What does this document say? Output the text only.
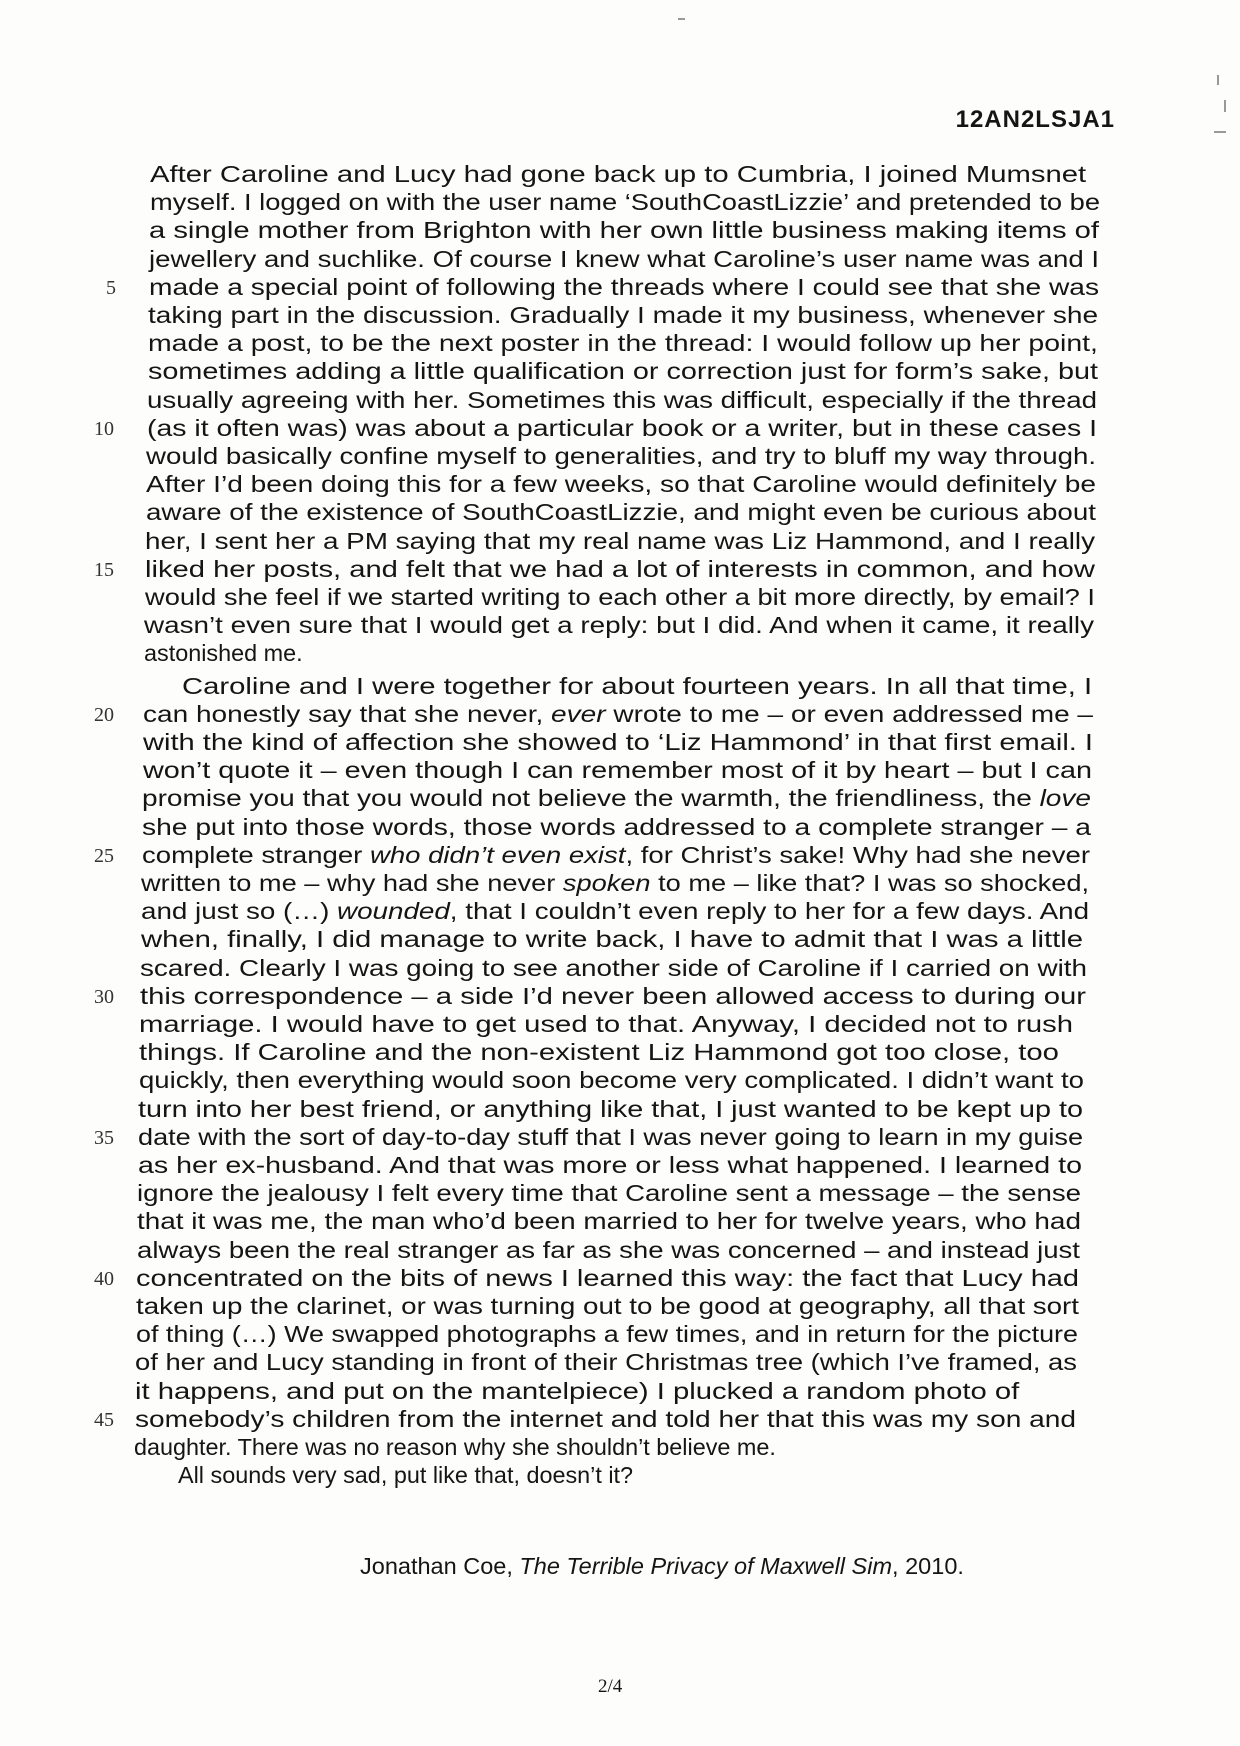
12AN2LSJA1
After Caroline and Lucy had gone back up to Cumbria, I joined Mumsnet
myself. I logged on with the user name ‘SouthCoastLizzie’ and pretended to be
a single mother from Brighton with her own little business making items of
jewellery and suchlike. Of course I knew what Caroline’s user name was and I
made a special point of following the threads where I could see that she was
taking part in the discussion. Gradually I made it my business, whenever she
made a post, to be the next poster in the thread: I would follow up her point,
sometimes adding a little qualification or correction just for form’s sake, but
usually agreeing with her. Sometimes this was difficult, especially if the thread
(as it often was) was about a particular book or a writer, but in these cases I
would basically confine myself to generalities, and try to bluff my way through.
After I’d been doing this for a few weeks, so that Caroline would definitely be
aware of the existence of SouthCoastLizzie, and might even be curious about
her, I sent her a PM saying that my real name was Liz Hammond, and I really
liked her posts, and felt that we had a lot of interests in common, and how
would she feel if we started writing to each other a bit more directly, by email? I
wasn’t even sure that I would get a reply: but I did. And when it came, it really
astonished me.
Caroline and I were together for about fourteen years. In all that time, I
can honestly say that she never, ever wrote to me – or even addressed me –
with the kind of affection she showed to ‘Liz Hammond’ in that first email. I
won’t quote it – even though I can remember most of it by heart – but I can
promise you that you would not believe the warmth, the friendliness, the love
she put into those words, those words addressed to a complete stranger – a
complete stranger who didn’t even exist, for Christ’s sake! Why had she never
written to me – why had she never spoken to me – like that? I was so shocked,
and just so (…) wounded, that I couldn’t even reply to her for a few days. And
when, finally, I did manage to write back, I have to admit that I was a little
scared. Clearly I was going to see another side of Caroline if I carried on with
this correspondence – a side I’d never been allowed access to during our
marriage. I would have to get used to that. Anyway, I decided not to rush
things. If Caroline and the non-existent Liz Hammond got too close, too
quickly, then everything would soon become very complicated. I didn’t want to
turn into her best friend, or anything like that, I just wanted to be kept up to
date with the sort of day-to-day stuff that I was never going to learn in my guise
as her ex-husband. And that was more or less what happened. I learned to
ignore the jealousy I felt every time that Caroline sent a message – the sense
that it was me, the man who’d been married to her for twelve years, who had
always been the real stranger as far as she was concerned – and instead just
concentrated on the bits of news I learned this way: the fact that Lucy had
taken up the clarinet, or was turning out to be good at geography, all that sort
of thing (…) We swapped photographs a few times, and in return for the picture
of her and Lucy standing in front of their Christmas tree (which I’ve framed, as
it happens, and put on the mantelpiece) I plucked a random photo of
somebody’s children from the internet and told her that this was my son and
daughter. There was no reason why she shouldn’t believe me.
All sounds very sad, put like that, doesn’t it?
Jonathan Coe, The Terrible Privacy of Maxwell Sim, 2010.
2/4
5
10
15
20
25
30
35
40
45
